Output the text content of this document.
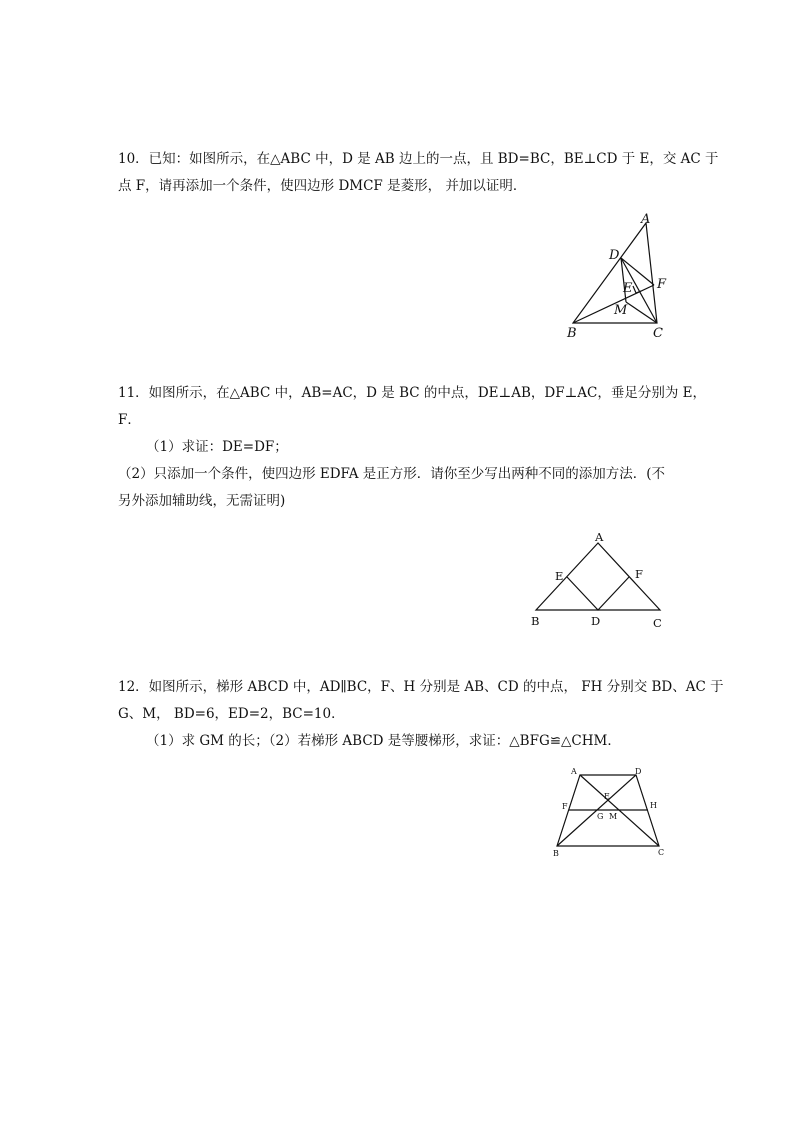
10．已知：如图所示，在△ABC 中，D 是 AB 边上的一点，且 BD=BC，BE⊥CD 于 E，交 AC 于
点 F，请再添加一个条件，使四边形 DMCF 是菱形， 并加以证明．
A
D
F
E
M
B	C
11．如图所示，在△ABC 中，AB=AC，D 是 BC 的中点，DE⊥AB，DF⊥AC，垂足分别为 E，
F．
（1）求证：DE=DF；
（2）只添加一个条件，使四边形 EDFA 是正方形．请你至少写出两种不同的添加方法．(不
另外添加辅助线，无需证明)
A
E	F
B	D	C
12．如图所示，梯形 ABCD 中，AD∥BC，F、H 分别是 AB、CD 的中点， FH 分别交 BD、AC 于
G、M， BD=6，ED=2，BC=10．
（1）求 GM 的长；（2）若梯形 ABCD 是等腰梯形，求证：△BFG≌△CHM．
A	D
E
F	H
G M
B	C
